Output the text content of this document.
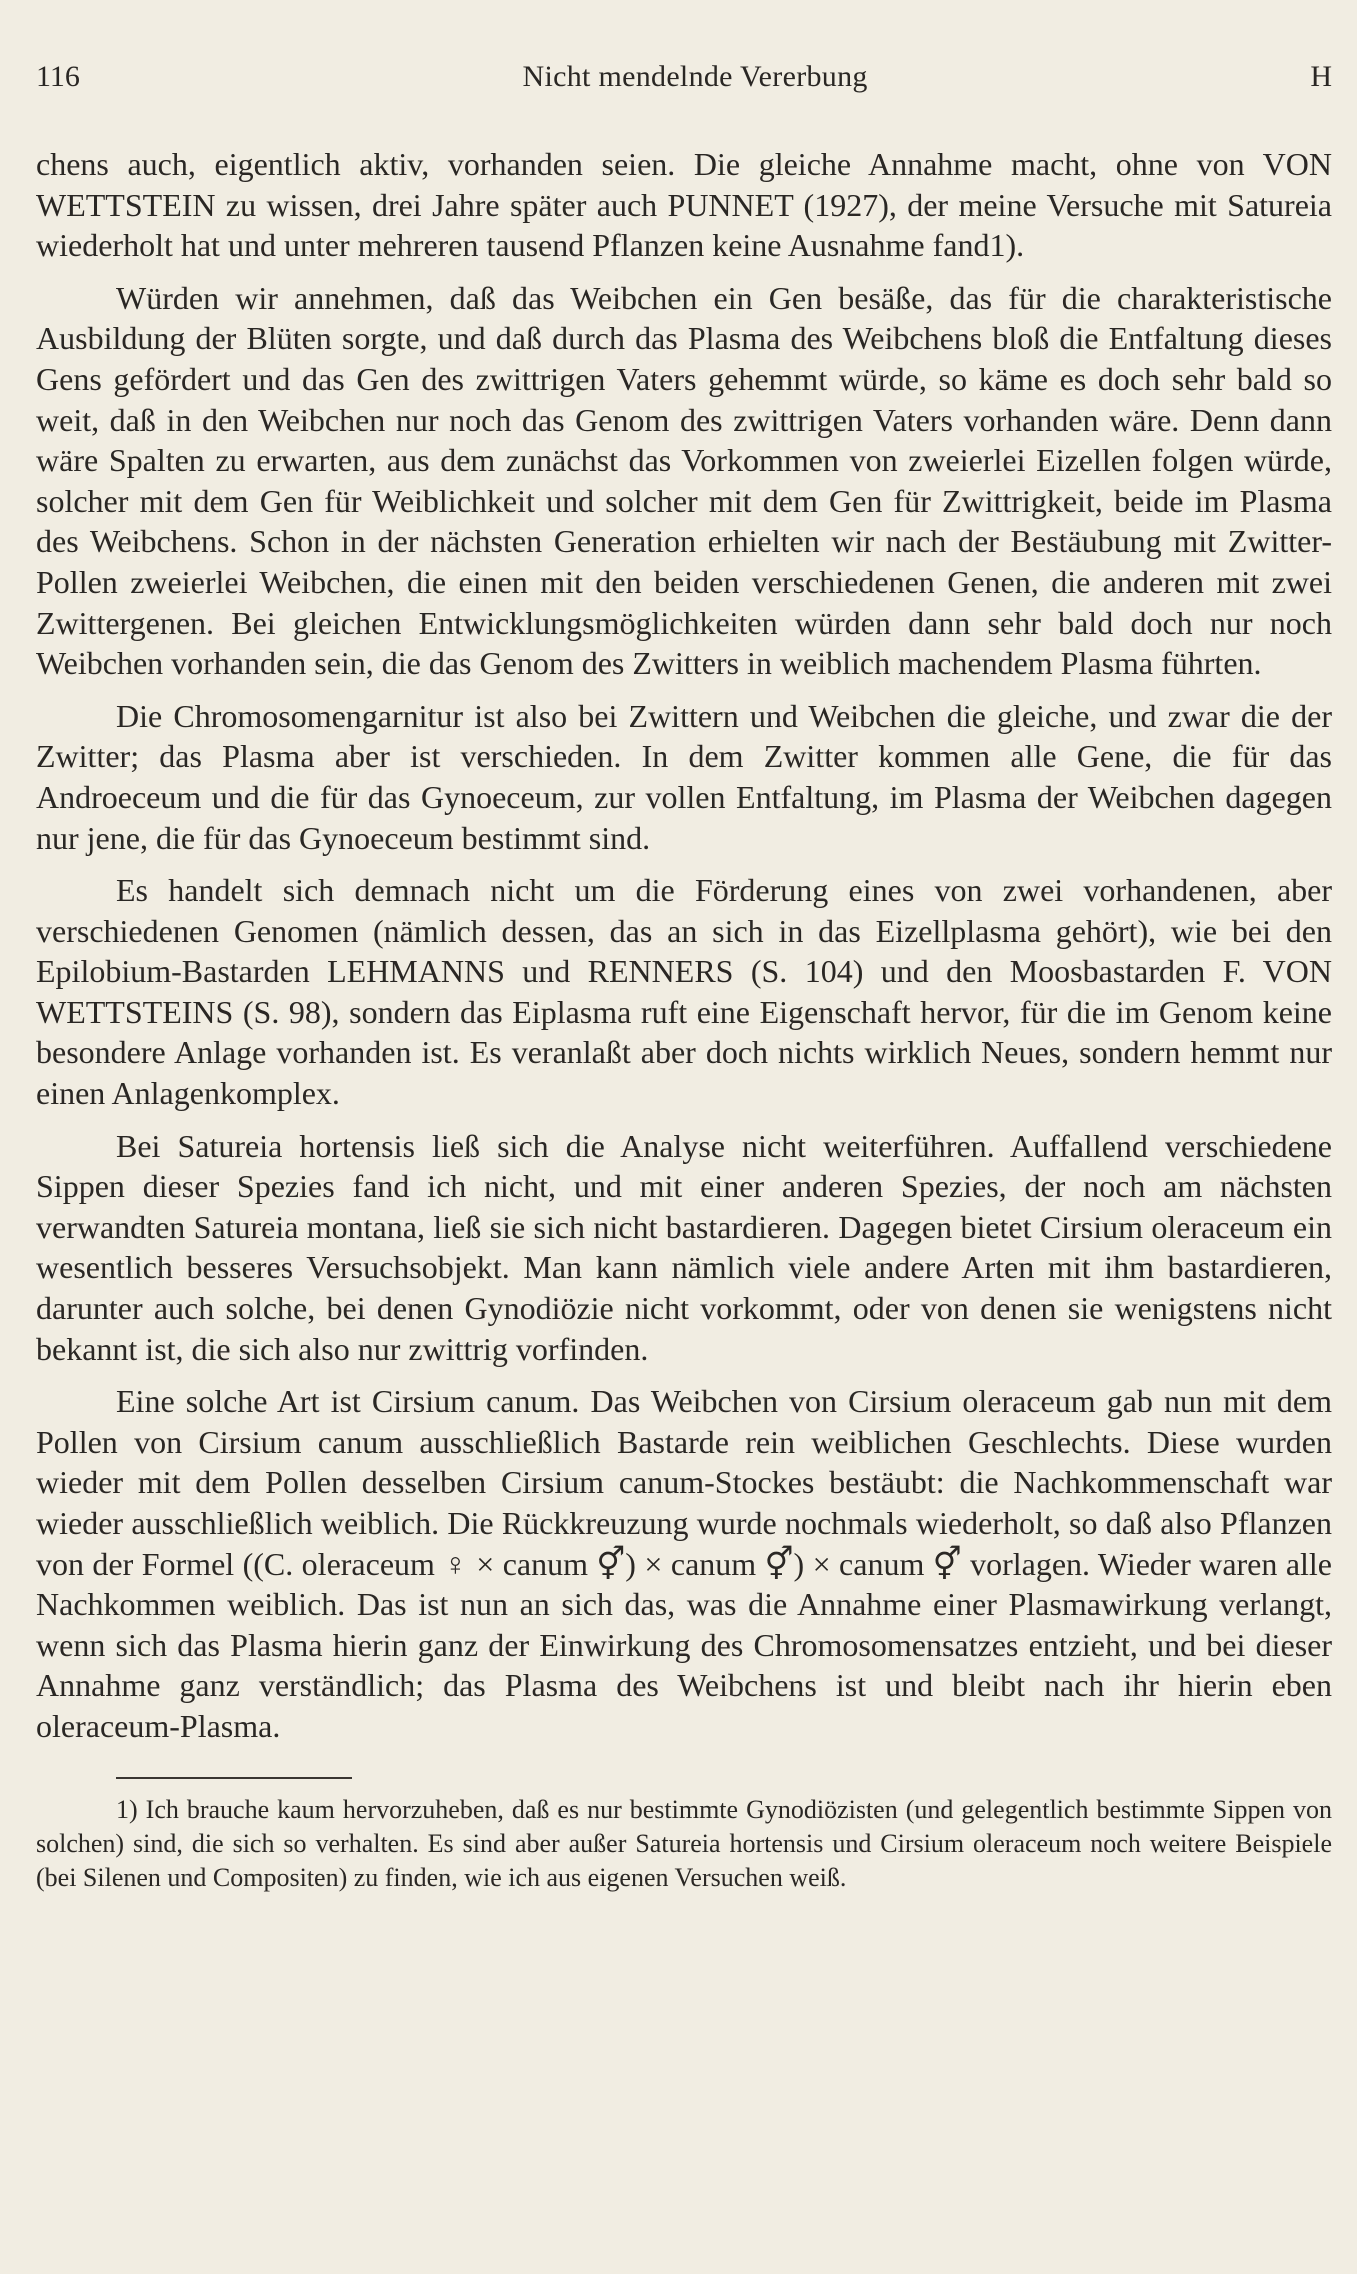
116	Nicht mendelnde Vererbung	H

chens auch, eigentlich aktiv, vorhanden seien. Die gleiche Annahme macht, ohne von VON WETTSTEIN zu wissen, drei Jahre später auch PUNNET (1927), der meine Versuche mit Satureia wiederholt hat und unter mehreren tausend Pflanzen keine Ausnahme fand1).

Würden wir annehmen, daß das Weibchen ein Gen besäße, das für die charakteristische Ausbildung der Blüten sorgte, und daß durch das Plasma des Weibchens bloß die Entfaltung dieses Gens gefördert und das Gen des zwittrigen Vaters gehemmt würde, so käme es doch sehr bald so weit, daß in den Weibchen nur noch das Genom des zwittrigen Vaters vorhanden wäre. Denn dann wäre Spalten zu erwarten, aus dem zunächst das Vorkommen von zweierlei Eizellen folgen würde, solcher mit dem Gen für Weiblichkeit und solcher mit dem Gen für Zwittrigkeit, beide im Plasma des Weibchens. Schon in der nächsten Generation erhielten wir nach der Bestäubung mit Zwitter-Pollen zweierlei Weibchen, die einen mit den beiden verschiedenen Genen, die anderen mit zwei Zwittergenen. Bei gleichen Entwicklungsmöglichkeiten würden dann sehr bald doch nur noch Weibchen vorhanden sein, die das Genom des Zwitters in weiblich machendem Plasma führten.

Die Chromosomengarnitur ist also bei Zwittern und Weibchen die gleiche, und zwar die der Zwitter; das Plasma aber ist verschieden. In dem Zwitter kommen alle Gene, die für das Androeceum und die für das Gynoeceum, zur vollen Entfaltung, im Plasma der Weibchen dagegen nur jene, die für das Gynoeceum bestimmt sind.

Es handelt sich demnach nicht um die Förderung eines von zwei vorhandenen, aber verschiedenen Genomen (nämlich dessen, das an sich in das Eizellplasma gehört), wie bei den Epilobium-Bastarden LEHMANNS und RENNERS (S. 104) und den Moosbastarden F. VON WETTSTEINS (S. 98), sondern das Eiplasma ruft eine Eigenschaft hervor, für die im Genom keine besondere Anlage vorhanden ist. Es veranlaßt aber doch nichts wirklich Neues, sondern hemmt nur einen Anlagenkomplex.

Bei Satureia hortensis ließ sich die Analyse nicht weiterführen. Auffallend verschiedene Sippen dieser Spezies fand ich nicht, und mit einer anderen Spezies, der noch am nächsten verwandten Satureia montana, ließ sie sich nicht bastardieren. Dagegen bietet Cirsium oleraceum ein wesentlich besseres Versuchsobjekt. Man kann nämlich viele andere Arten mit ihm bastardieren, darunter auch solche, bei denen Gynodiözie nicht vorkommt, oder von denen sie wenigstens nicht bekannt ist, die sich also nur zwittrig vorfinden.

Eine solche Art ist Cirsium canum. Das Weibchen von Cirsium oleraceum gab nun mit dem Pollen von Cirsium canum ausschließlich Bastarde rein weiblichen Geschlechts. Diese wurden wieder mit dem Pollen desselben Cirsium canum-Stockes bestäubt: die Nachkommenschaft war wieder ausschließlich weiblich. Die Rückkreuzung wurde nochmals wiederholt, so daß also Pflanzen von der Formel ((C. oleraceum ♀ × canum ⚥) × canum ⚥) × canum ⚥ vorlagen. Wieder waren alle Nachkommen weiblich. Das ist nun an sich das, was die Annahme einer Plasmawirkung verlangt, wenn sich das Plasma hierin ganz der Einwirkung des Chromosomensatzes entzieht, und bei dieser Annahme ganz verständlich; das Plasma des Weibchens ist und bleibt nach ihr hierin eben oleraceum-Plasma.

1) Ich brauche kaum hervorzuheben, daß es nur bestimmte Gynodiözisten (und gelegentlich bestimmte Sippen von solchen) sind, die sich so verhalten. Es sind aber außer Satureia hortensis und Cirsium oleraceum noch weitere Beispiele (bei Silenen und Compositen) zu finden, wie ich aus eigenen Versuchen weiß.
